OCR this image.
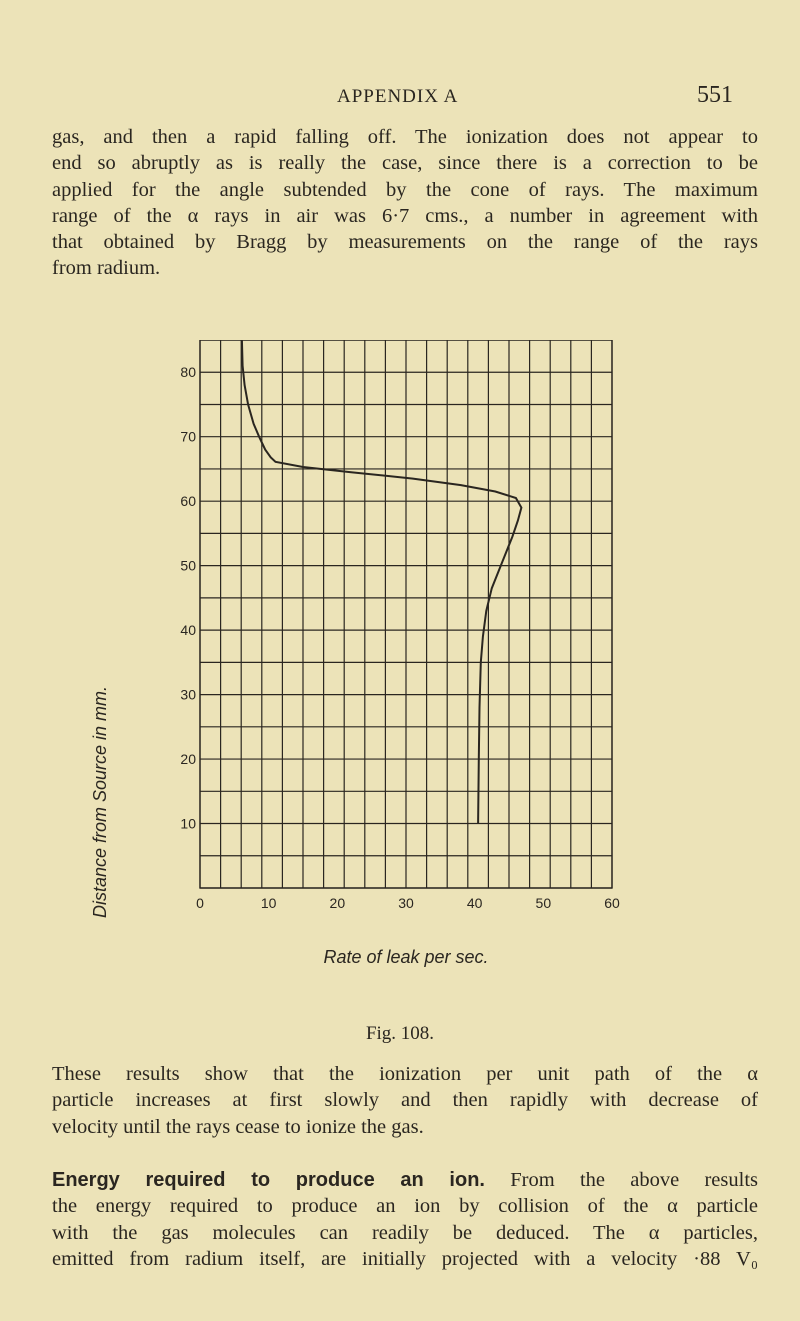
APPENDIX A	551
gas, and then a rapid falling off. The ionization does not appear to
end so abruptly as is really the case, since there is a correction to be
applied for the angle subtended by the cone of rays. The maximum
range of the α rays in air was 6·7 cms., a number in agreement with
that obtained by Bragg by measurements on the range of the rays
from radium.
0	10	20	30	40	50	60
10
20
30
40
50
60
70
80
Distance from Source in mm.
Rate of leak per sec.
Fig. 108.
These results show that the ionization per unit path of the α
particle increases at first slowly and then rapidly with decrease of
velocity until the rays cease to ionize the gas.
Energy required to produce an ion. From the above results
the energy required to produce an ion by collision of the α particle
with the gas molecules can readily be deduced. The α particles,
emitted from radium itself, are initially projected with a velocity ·88 V₀
